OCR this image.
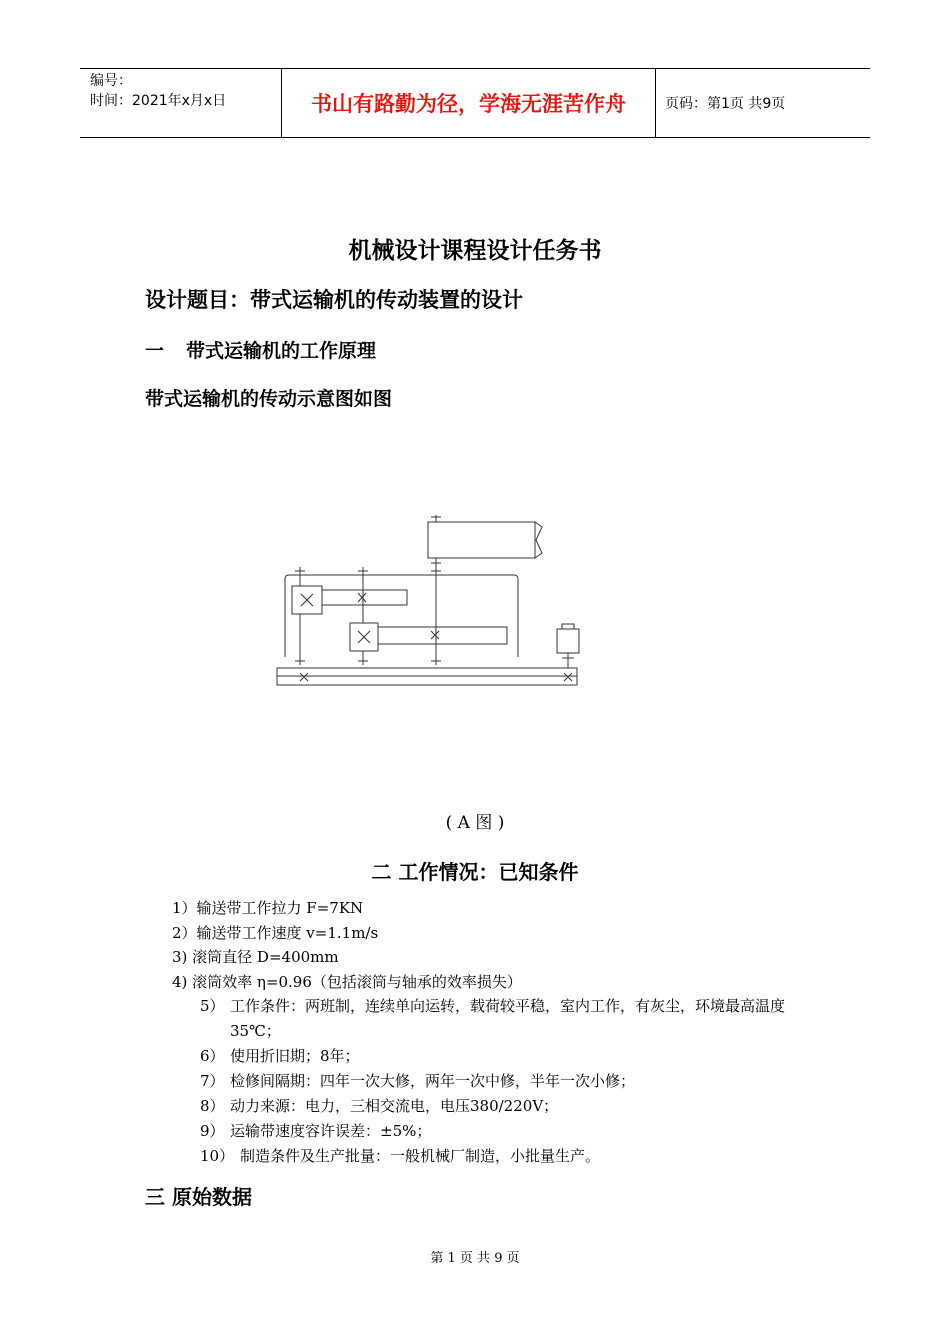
编号：
时间：2021年x月x日	书山有路勤为径，学海无涯苦作舟	页码：第1页 共9页
机械设计课程设计任务书
设计题目：带式运输机的传动装置的设计
一 带式运输机的工作原理
带式运输机的传动示意图如图
( A 图 )
二 工作情况：已知条件
1）输送带工作拉力 F=7KN
2）输送带工作速度 v=1.1m/s
3) 滚筒直径 D=400mm
4) 滚筒效率 η=0.96（包括滚筒与轴承的效率损失）
5） 工作条件：两班制，连续单向运转，载荷较平稳，室内工作，有灰尘，环境最高温度35℃；
6） 使用折旧期；8年；
7） 检修间隔期：四年一次大修，两年一次中修，半年一次小修；
8） 动力来源：电力，三相交流电，电压380/220V；
9） 运输带速度容许误差：±5%；
10） 制造条件及生产批量：一般机械厂制造，小批量生产。
三 原始数据
第 1 页 共 9 页
